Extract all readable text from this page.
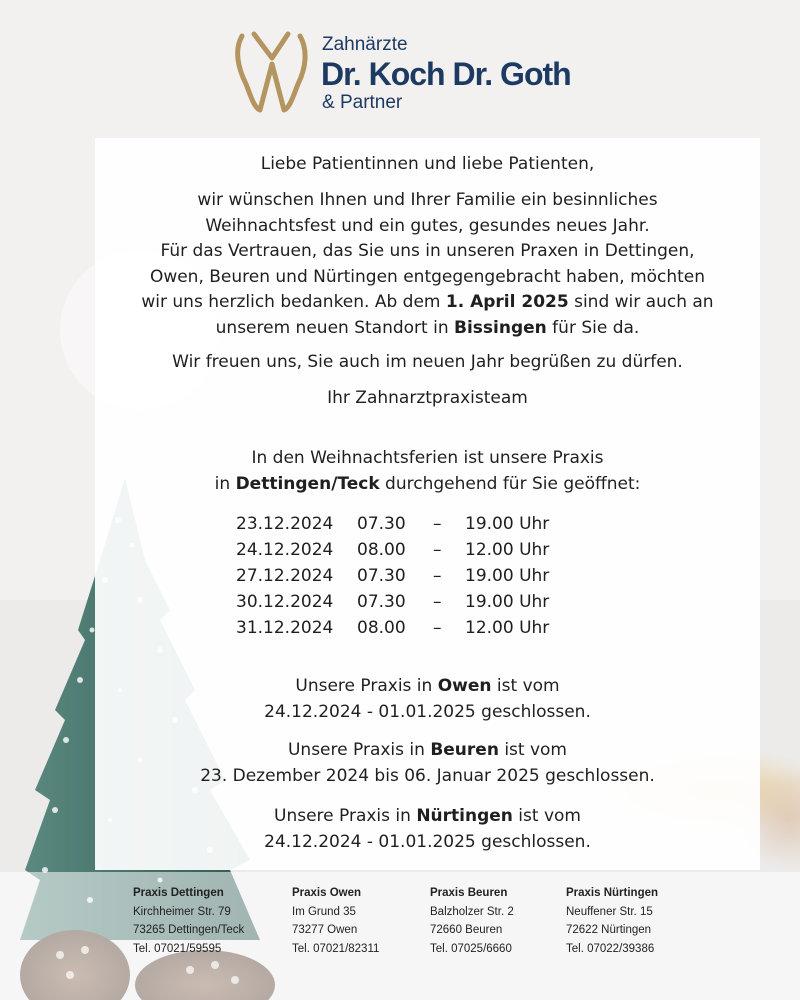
Zahnärzte
Dr. Koch Dr. Goth
& Partner
Liebe Patientinnen und liebe Patienten,
wir wünschen Ihnen und Ihrer Familie ein besinnliches
Weihnachtsfest und ein gutes, gesundes neues Jahr.
Für das Vertrauen, das Sie uns in unseren Praxen in Dettingen,
Owen, Beuren und Nürtingen entgegengebracht haben, möchten
wir uns herzlich bedanken. Ab dem 1. April 2025 sind wir auch an
unserem neuen Standort in Bissingen für Sie da.
Wir freuen uns, Sie auch im neuen Jahr begrüßen zu dürfen.
Ihr Zahnarztpraxisteam
In den Weihnachtsferien ist unsere Praxis
in Dettingen/Teck durchgehend für Sie geöffnet:
23.12.2024 07.30 – 19.00 Uhr
24.12.2024 08.00 – 12.00 Uhr
27.12.2024 07.30 – 19.00 Uhr
30.12.2024 07.30 – 19.00 Uhr
31.12.2024 08.00 – 12.00 Uhr
Unsere Praxis in Owen ist vom
24.12.2024 - 01.01.2025 geschlossen.
Unsere Praxis in Beuren ist vom
23. Dezember 2024 bis 06. Januar 2025 geschlossen.
Unsere Praxis in Nürtingen ist vom
24.12.2024 - 01.01.2025 geschlossen.
Praxis Dettingen
Kirchheimer Str. 79
73265 Dettingen/Teck
Tel. 07021/59595
Praxis Owen
Im Grund 35
73277 Owen
Tel. 07021/82311
Praxis Beuren
Balzholzer Str. 2
72660 Beuren
Tel. 07025/6660
Praxis Nürtingen
Neuffener Str. 15
72622 Nürtingen
Tel. 07022/39386
